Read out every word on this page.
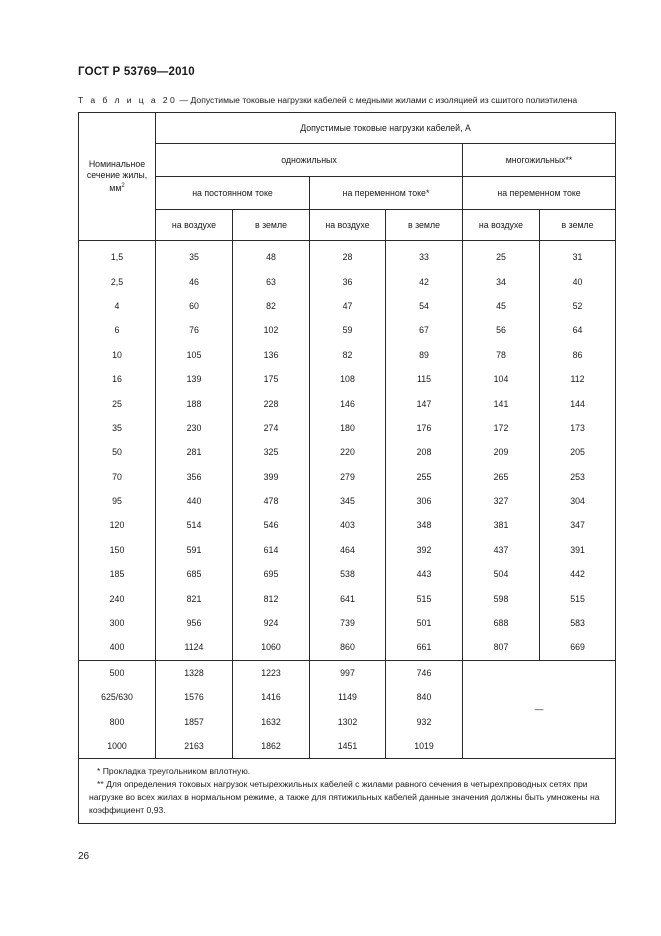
ГОСТ Р 53769—2010
Т а б л и ц а 20 — Допустимые токовые нагрузки кабелей с медными жилами с изоляцией из сшитого полиэтилена
Номинальное сечение жилы, $мм^2$	Допустимые токовые нагрузки кабелей, А					
	одножильных				многожильных**	
	на постоянном токе		на переменном токе*		на переменном токе	
	на воздухе	в земле	на воздухе	в земле	на воздухе	в земле
1,5	35	48	28	33	25	31
2,5	46	63	36	42	34	40
4	60	82	47	54	45	52
6	76	102	59	67	56	64
10	105	136	82	89	78	86
16	139	175	108	115	104	112
25	188	228	146	147	141	144
35	230	274	180	176	172	173
50	281	325	220	208	209	205
70	356	399	279	255	265	253
95	440	478	345	306	327	304
120	514	546	403	348	381	347
150	591	614	464	392	437	391
185	685	695	538	443	504	442
240	821	812	641	515	598	515
300	956	924	739	501	688	583
400	1124	1060	860	661	807	669
500	1328	1223	997	746	—	
625/630	1576	1416	1149	840		
800	1857	1632	1302	932		
1000	2163	1862	1451	1019		

* Прокладка треугольником вплотную.
** Для определения токовых нагрузок четырехжильных кабелей с жилами равного сечения в четырехпроводных сетях при нагрузке во всех жилах в нормальном режиме, а также для пятижильных кабелей данные значения должны быть умножены на коэффициент 0,93.						
26
